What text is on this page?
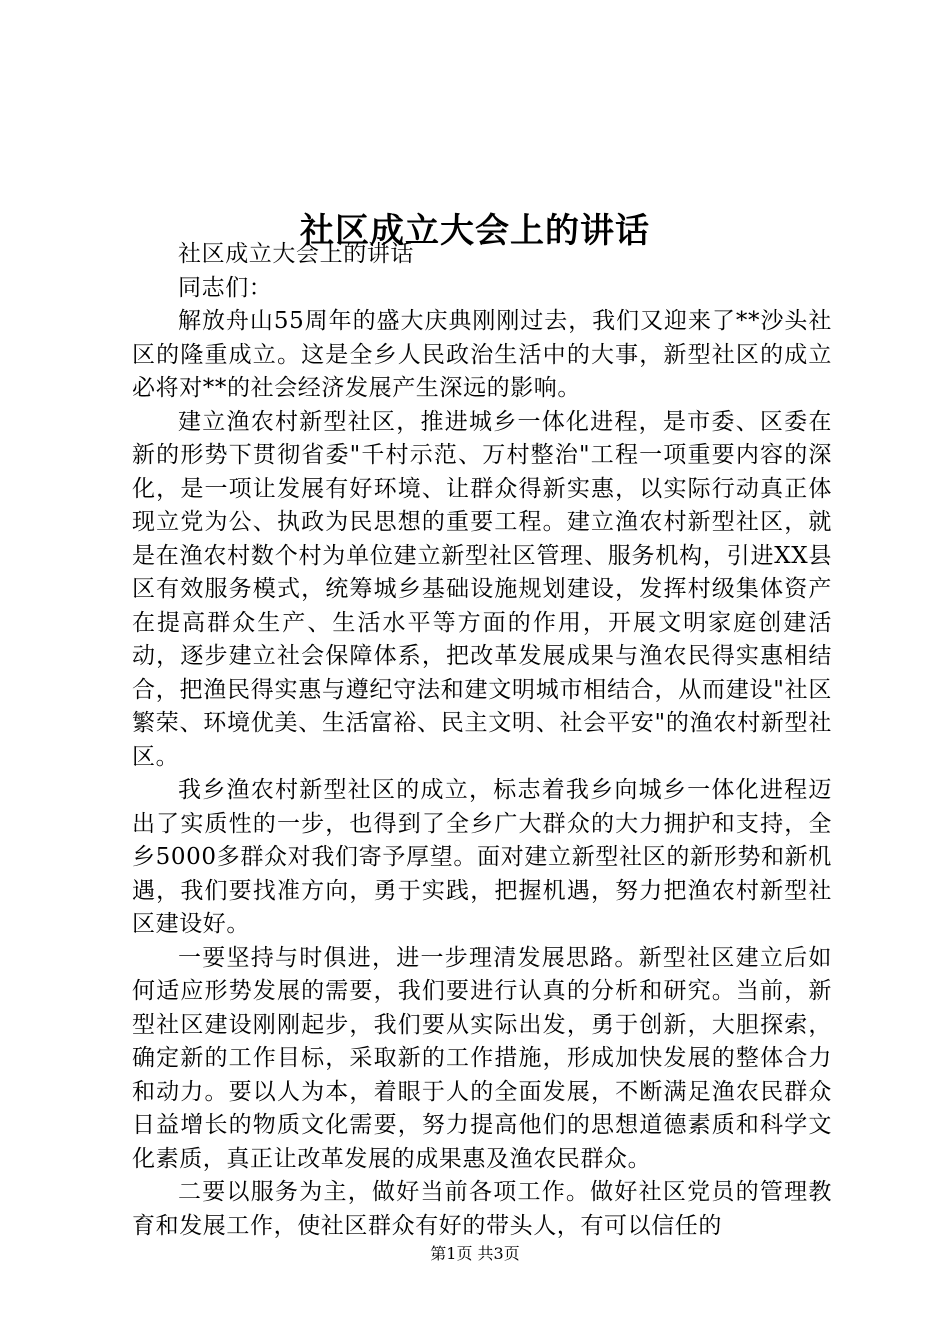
社区成立大会上的讲话

社区成立大会上的讲话

同志们：

解放舟山55周年的盛大庆典刚刚过去，我们又迎来了**沙头社区的隆重成立。这是全乡人民政治生活中的大事，新型社区的成立必将对**的社会经济发展产生深远的影响。

建立渔农村新型社区，推进城乡一体化进程，是市委、区委在新的形势下贯彻省委"千村示范、万村整治"工程一项重要内容的深化，是一项让发展有好环境、让群众得新实惠，以实际行动真正体现立党为公、执政为民思想的重要工程。建立渔农村新型社区，就是在渔农村数个村为单位建立新型社区管理、服务机构，引进XX县区有效服务模式，统筹城乡基础设施规划建设，发挥村级集体资产在提高群众生产、生活水平等方面的作用，开展文明家庭创建活动，逐步建立社会保障体系，把改革发展成果与渔农民得实惠相结合，把渔民得实惠与遵纪守法和建文明城市相结合，从而建设"社区繁荣、环境优美、生活富裕、民主文明、社会平安"的渔农村新型社区。

我乡渔农村新型社区的成立，标志着我乡向城乡一体化进程迈出了实质性的一步，也得到了全乡广大群众的大力拥护和支持，全乡5000多群众对我们寄予厚望。面对建立新型社区的新形势和新机遇，我们要找准方向，勇于实践，把握机遇，努力把渔农村新型社区建设好。

一要坚持与时俱进，进一步理清发展思路。新型社区建立后如何适应形势发展的需要，我们要进行认真的分析和研究。当前，新型社区建设刚刚起步，我们要从实际出发，勇于创新，大胆探索，确定新的工作目标，采取新的工作措施，形成加快发展的整体合力和动力。要以人为本，着眼于人的全面发展，不断满足渔农民群众日益增长的物质文化需要，努力提高他们的思想道德素质和科学文化素质，真正让改革发展的成果惠及渔农民群众。

二要以服务为主，做好当前各项工作。做好社区党员的管理教育和发展工作，使社区群众有好的带头人，有可以信任的

第1页 共3页
